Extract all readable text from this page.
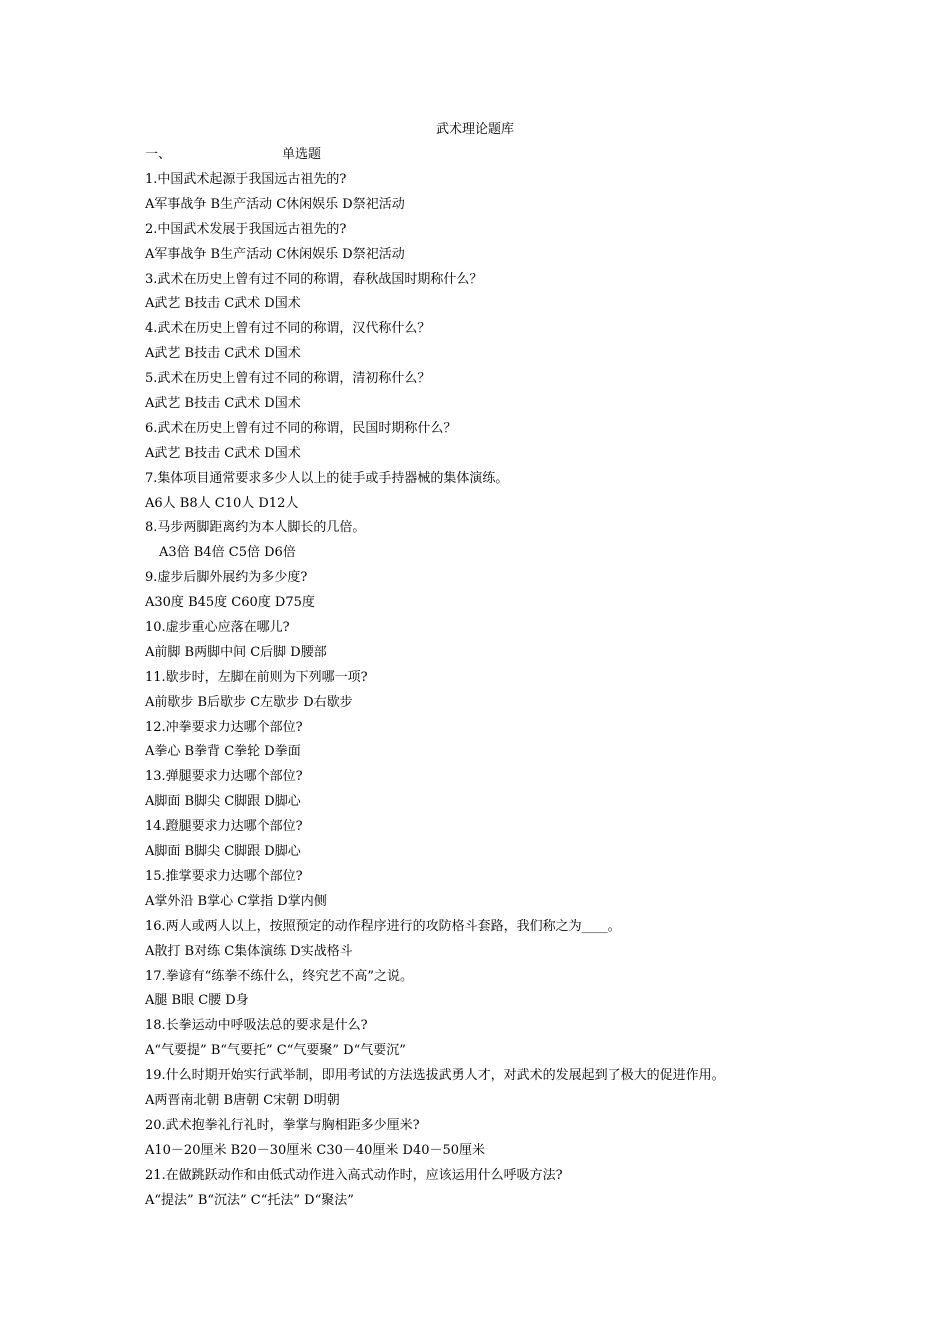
武术理论题库
一、	单选题
1.中国武术起源于我国远古祖先的?
A军事战争 B生产活动 C休闲娱乐 D祭祀活动
2.中国武术发展于我国远古祖先的?
A军事战争 B生产活动 C休闲娱乐 D祭祀活动
3.武术在历史上曾有过不同的称谓，春秋战国时期称什么？
A武艺 B技击 C武术 D国术
4.武术在历史上曾有过不同的称谓，汉代称什么？
A武艺 B技击 C武术 D国术
5.武术在历史上曾有过不同的称谓，清初称什么？
A武艺 B技击 C武术 D国术
6.武术在历史上曾有过不同的称谓，民国时期称什么？
A武艺 B技击 C武术 D国术
7.集体项目通常要求多少人以上的徒手或手持器械的集体演练。
A6人 B8人 C10人 D12人
8.马步两脚距离约为本人脚长的几倍。
A3倍 B4倍 C5倍 D6倍
9.虚步后脚外展约为多少度?
A30度 B45度 C60度 D75度
10.虚步重心应落在哪儿?
A前脚 B两脚中间 C后脚 D腰部
11.歇步时，左脚在前则为下列哪一项?
A前歇步 B后歇步 C左歇步 D右歇步
12.冲拳要求力达哪个部位?
A拳心 B拳背 C拳轮 D拳面
13.弹腿要求力达哪个部位?
A脚面 B脚尖 C脚跟 D脚心
14.蹬腿要求力达哪个部位?
A脚面 B脚尖 C脚跟 D脚心
15.推掌要求力达哪个部位?
A掌外沿 B掌心 C掌指 D掌内侧
16.两人或两人以上，按照预定的动作程序进行的攻防格斗套路，我们称之为____。
A散打 B对练 C集体演练 D实战格斗
17.拳谚有“练拳不练什么，终究艺不高”之说。
A腿 B眼 C腰 D身
18.长拳运动中呼吸法总的要求是什么?
A“气要提” B“气要托” C“气要聚” D“气要沉”
19.什么时期开始实行武举制，即用考试的方法选拔武勇人才，对武术的发展起到了极大的促进作用。
A两晋南北朝 B唐朝 C宋朝 D明朝
20.武术抱拳礼行礼时，拳掌与胸相距多少厘米?
A10－20厘米 B20－30厘米 C30－40厘米 D40－50厘米
21.在做跳跃动作和由低式动作进入高式动作时，应该运用什么呼吸方法?
A“提法” B“沉法” C“托法” D“聚法”
